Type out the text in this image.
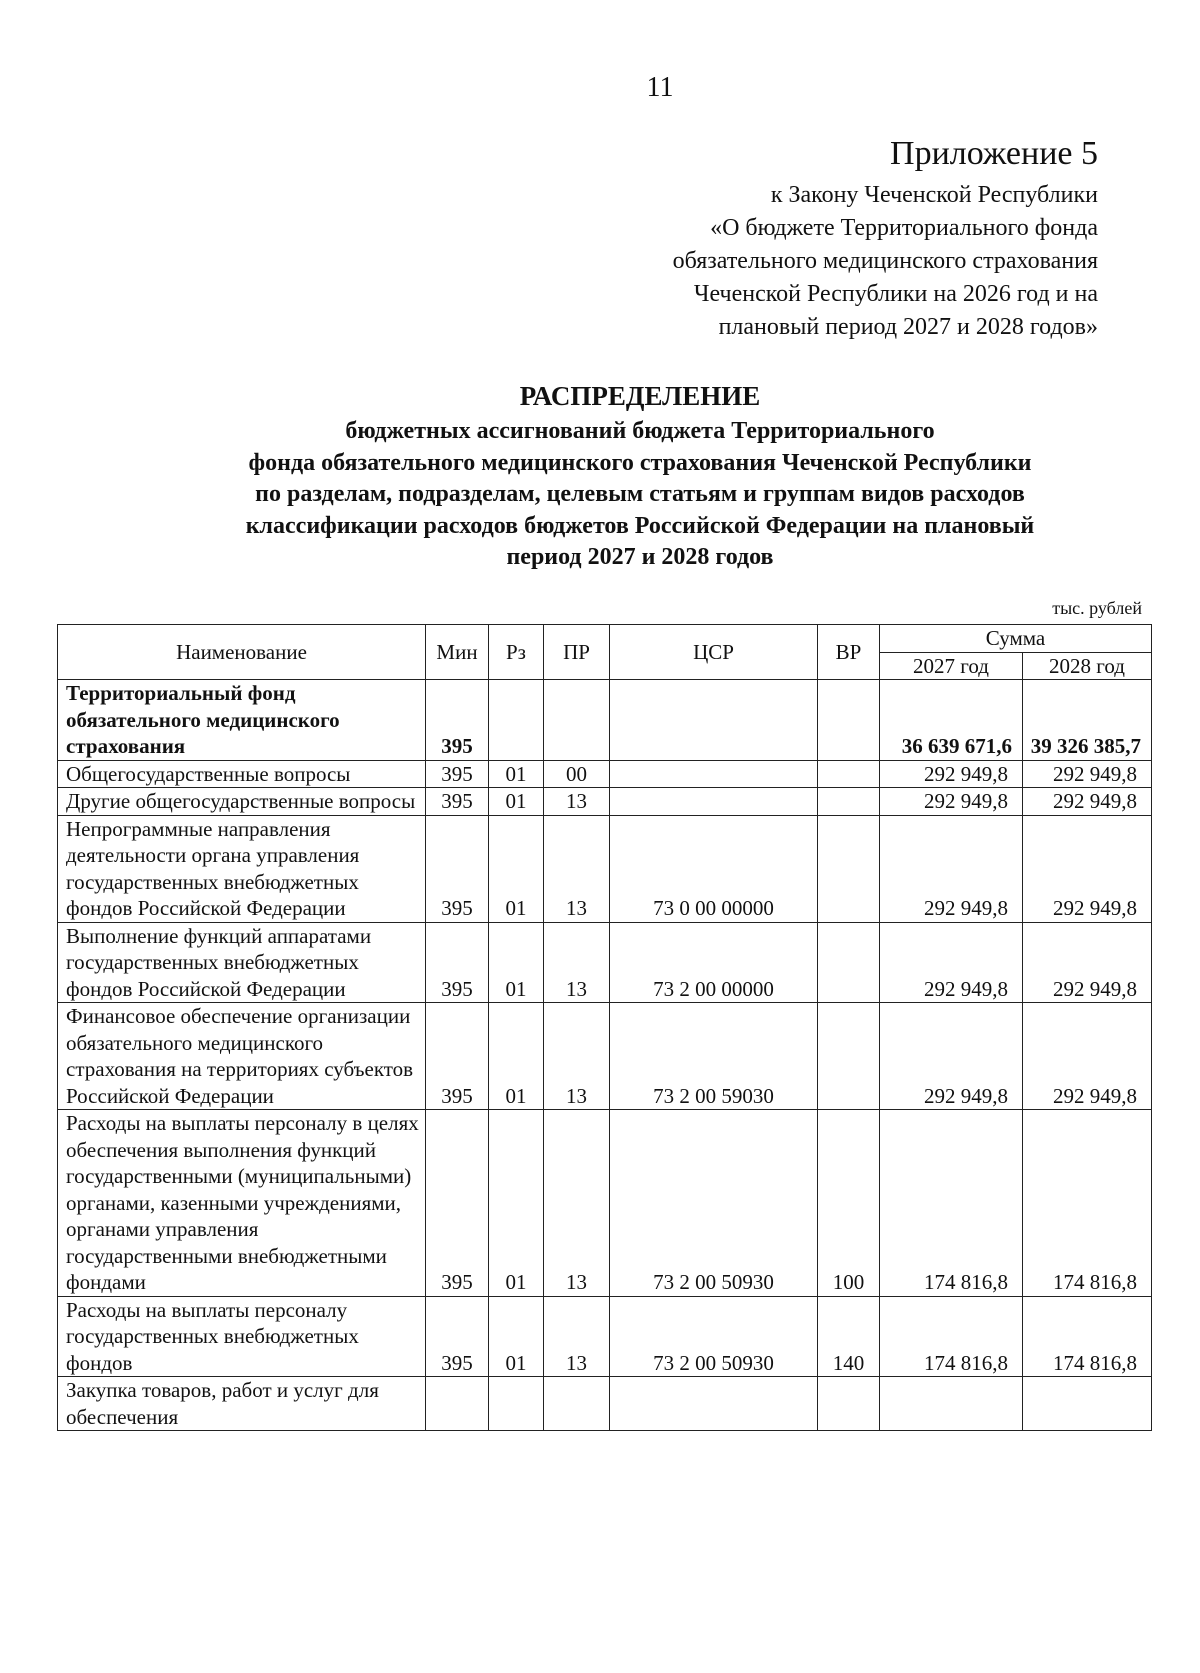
11
Приложение 5
к Закону Чеченской Республики
«О бюджете Территориального фонда
обязательного медицинского страхования
Чеченской Республики на 2026 год и на
плановый период 2027 и 2028 годов»
РАСПРЕДЕЛЕНИЕ
бюджетных ассигнований бюджета Территориального
фонда обязательного медицинского страхования Чеченской Республики
по разделам, подразделам, целевым статьям и группам видов расходов
классификации расходов бюджетов Российской Федерации на плановый
период 2027 и 2028 годов
тыс. рублей
Наименование	Мин	Рз	ПР	ЦСР	ВР	Сумма	
						2027 год	2028 год
Территориальный фонд обязательного медицинского страхования	395					36 639 671,6	39 326 385,7
Общегосударственные вопросы	395	01	00			292 949,8	292 949,8
Другие общегосударственные вопросы	395	01	13			292 949,8	292 949,8
Непрограммные направления деятельности органа управления государственных внебюджетных фондов Российской Федерации	395	01	13	73 0 00 00000		292 949,8	292 949,8
Выполнение функций аппаратами государственных внебюджетных фондов Российской Федерации	395	01	13	73 2 00 00000		292 949,8	292 949,8
Финансовое обеспечение организации обязательного медицинского страхования на территориях субъектов Российской Федерации	395	01	13	73 2 00 59030		292 949,8	292 949,8
Расходы на выплаты персоналу в целях обеспечения выполнения функций государственными (муниципальными) органами, казенными учреждениями, органами управления государственными внебюджетными фондами	395	01	13	73 2 00 50930	100	174 816,8	174 816,8
Расходы на выплаты персоналу государственных внебюджетных фондов	395	01	13	73 2 00 50930	140	174 816,8	174 816,8
Закупка товаров, работ и услуг для обеспечения							
